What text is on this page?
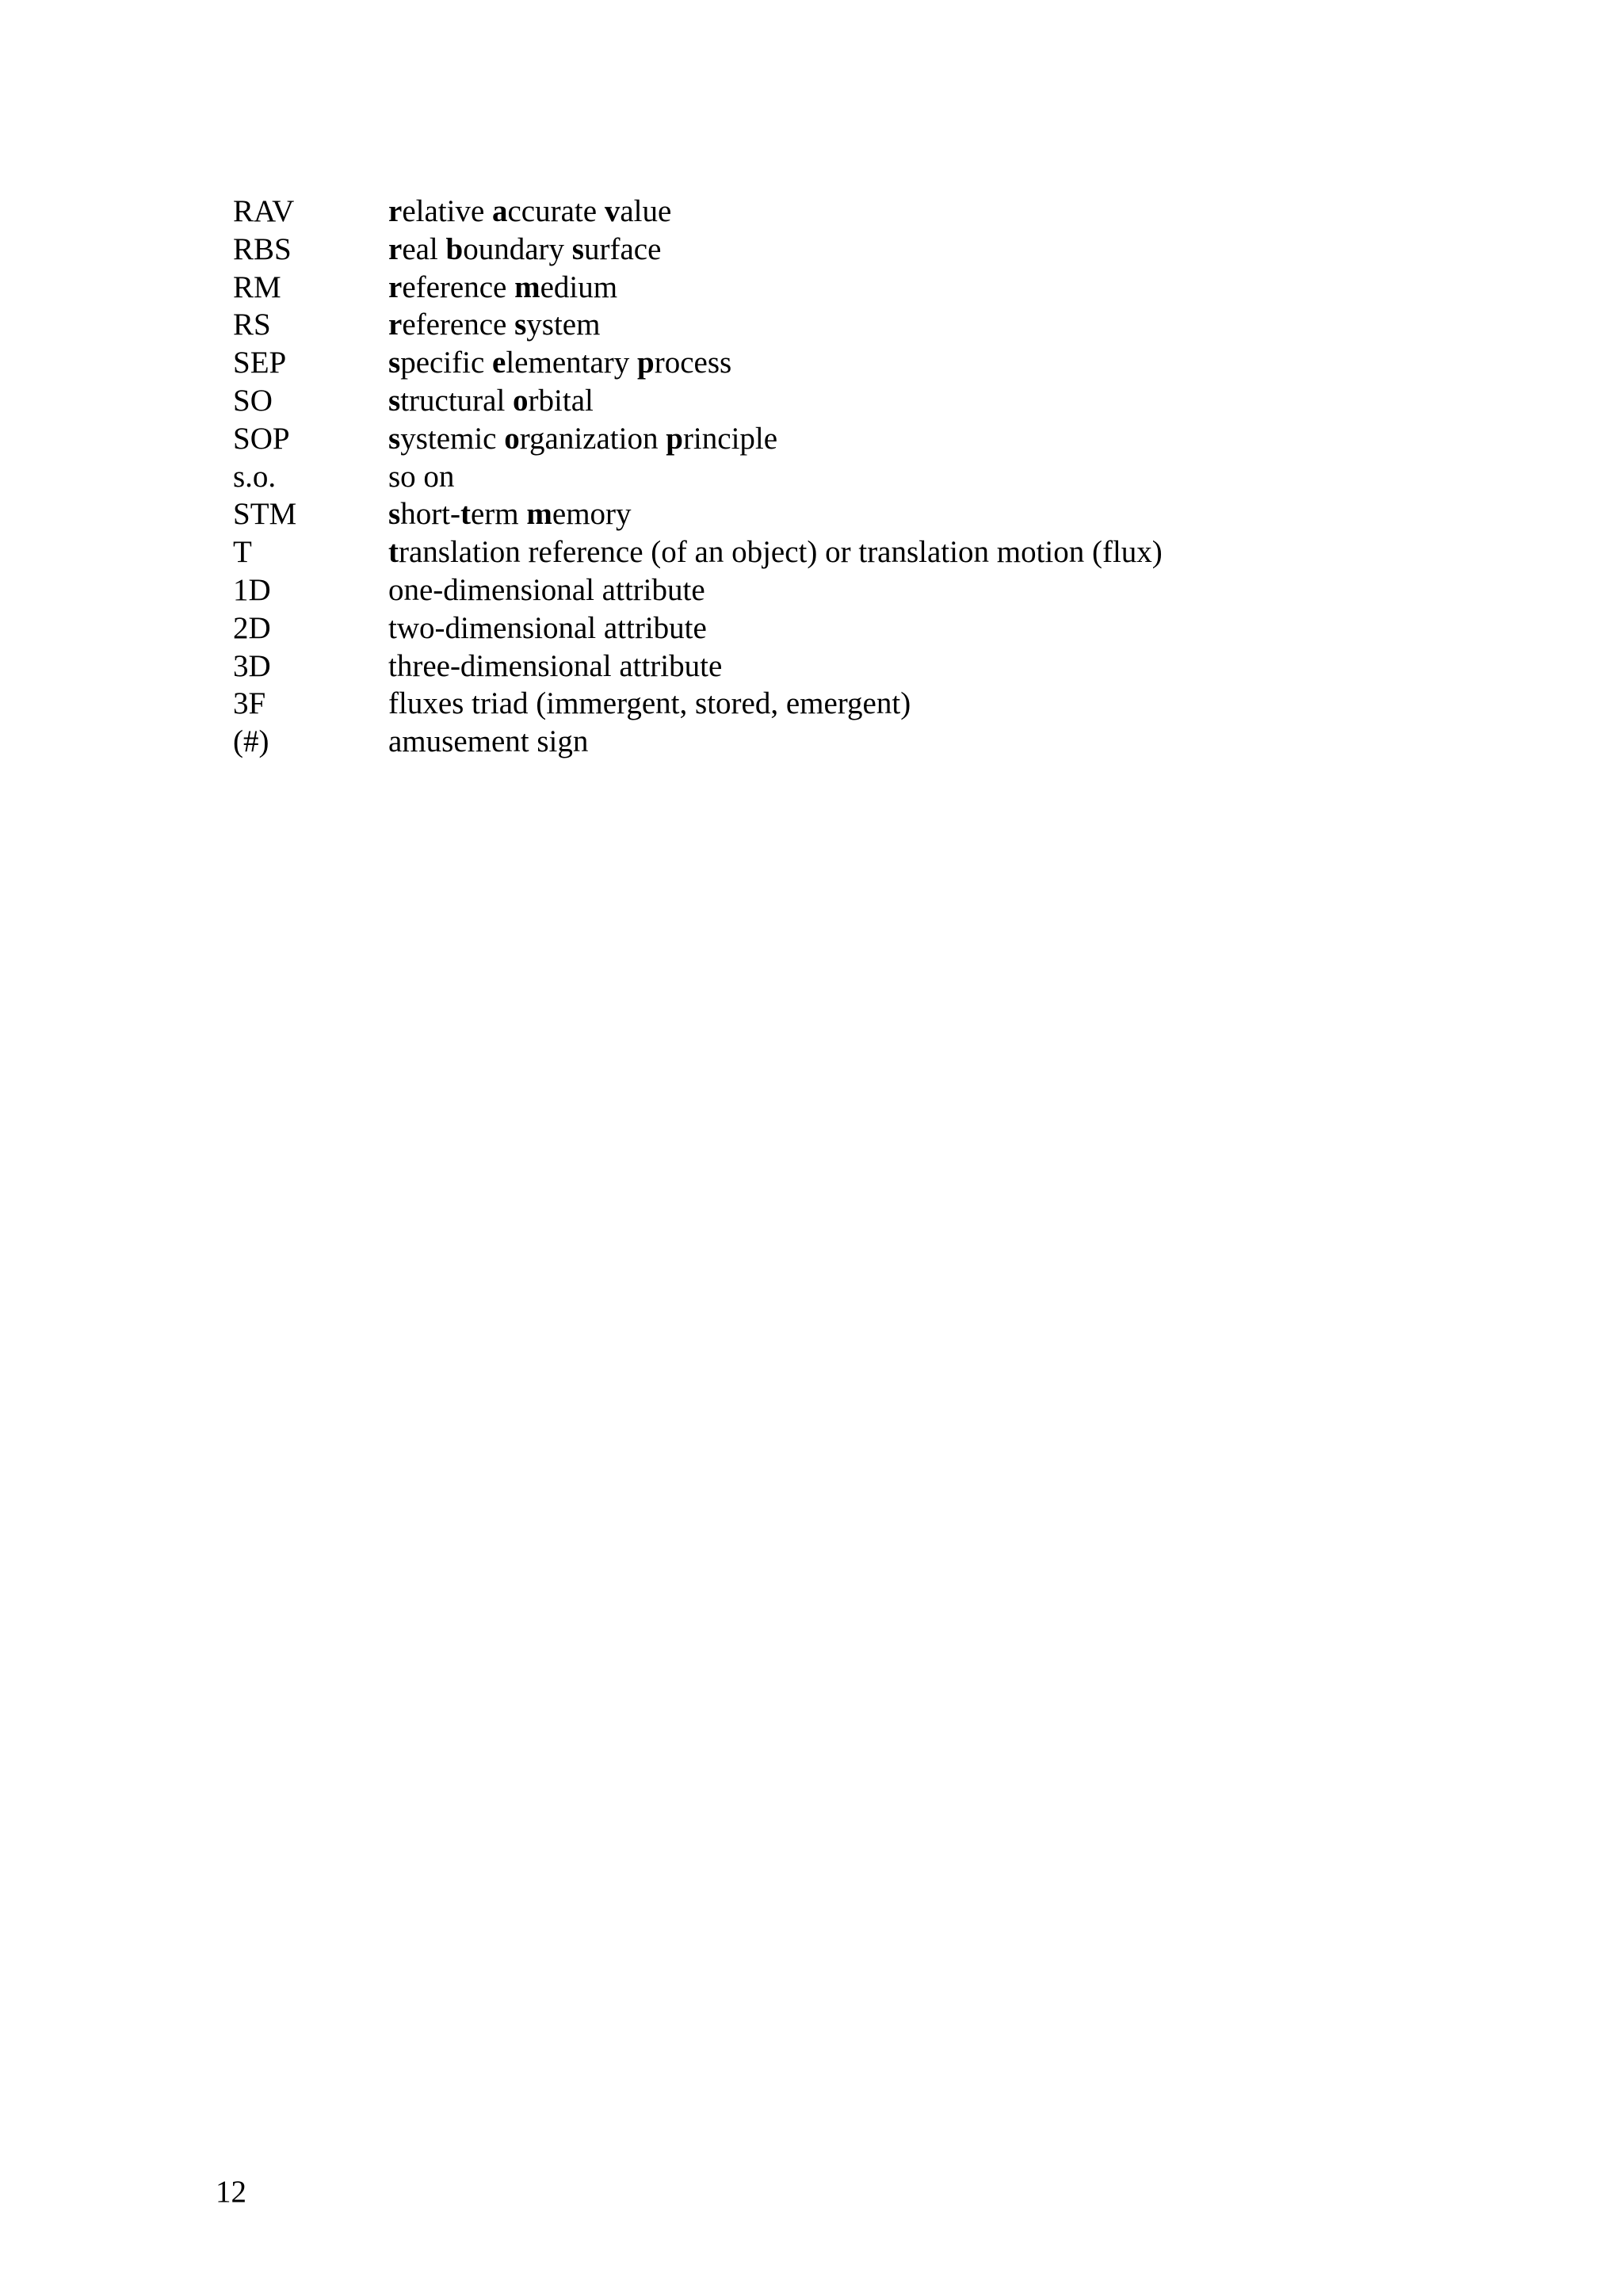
RAV	relative accurate value
RBS	real boundary surface
RM	reference medium
RS	reference system
SEP	specific elementary process
SO	structural orbital
SOP	systemic organization principle
s.o.	so on
STM	short-term memory
T	translation reference (of an object) or translation motion (flux)
1D	one-dimensional attribute
2D	two-dimensional attribute
3D	three-dimensional attribute
3F	fluxes triad (immergent, stored, emergent)
(#)	amusement sign
12
